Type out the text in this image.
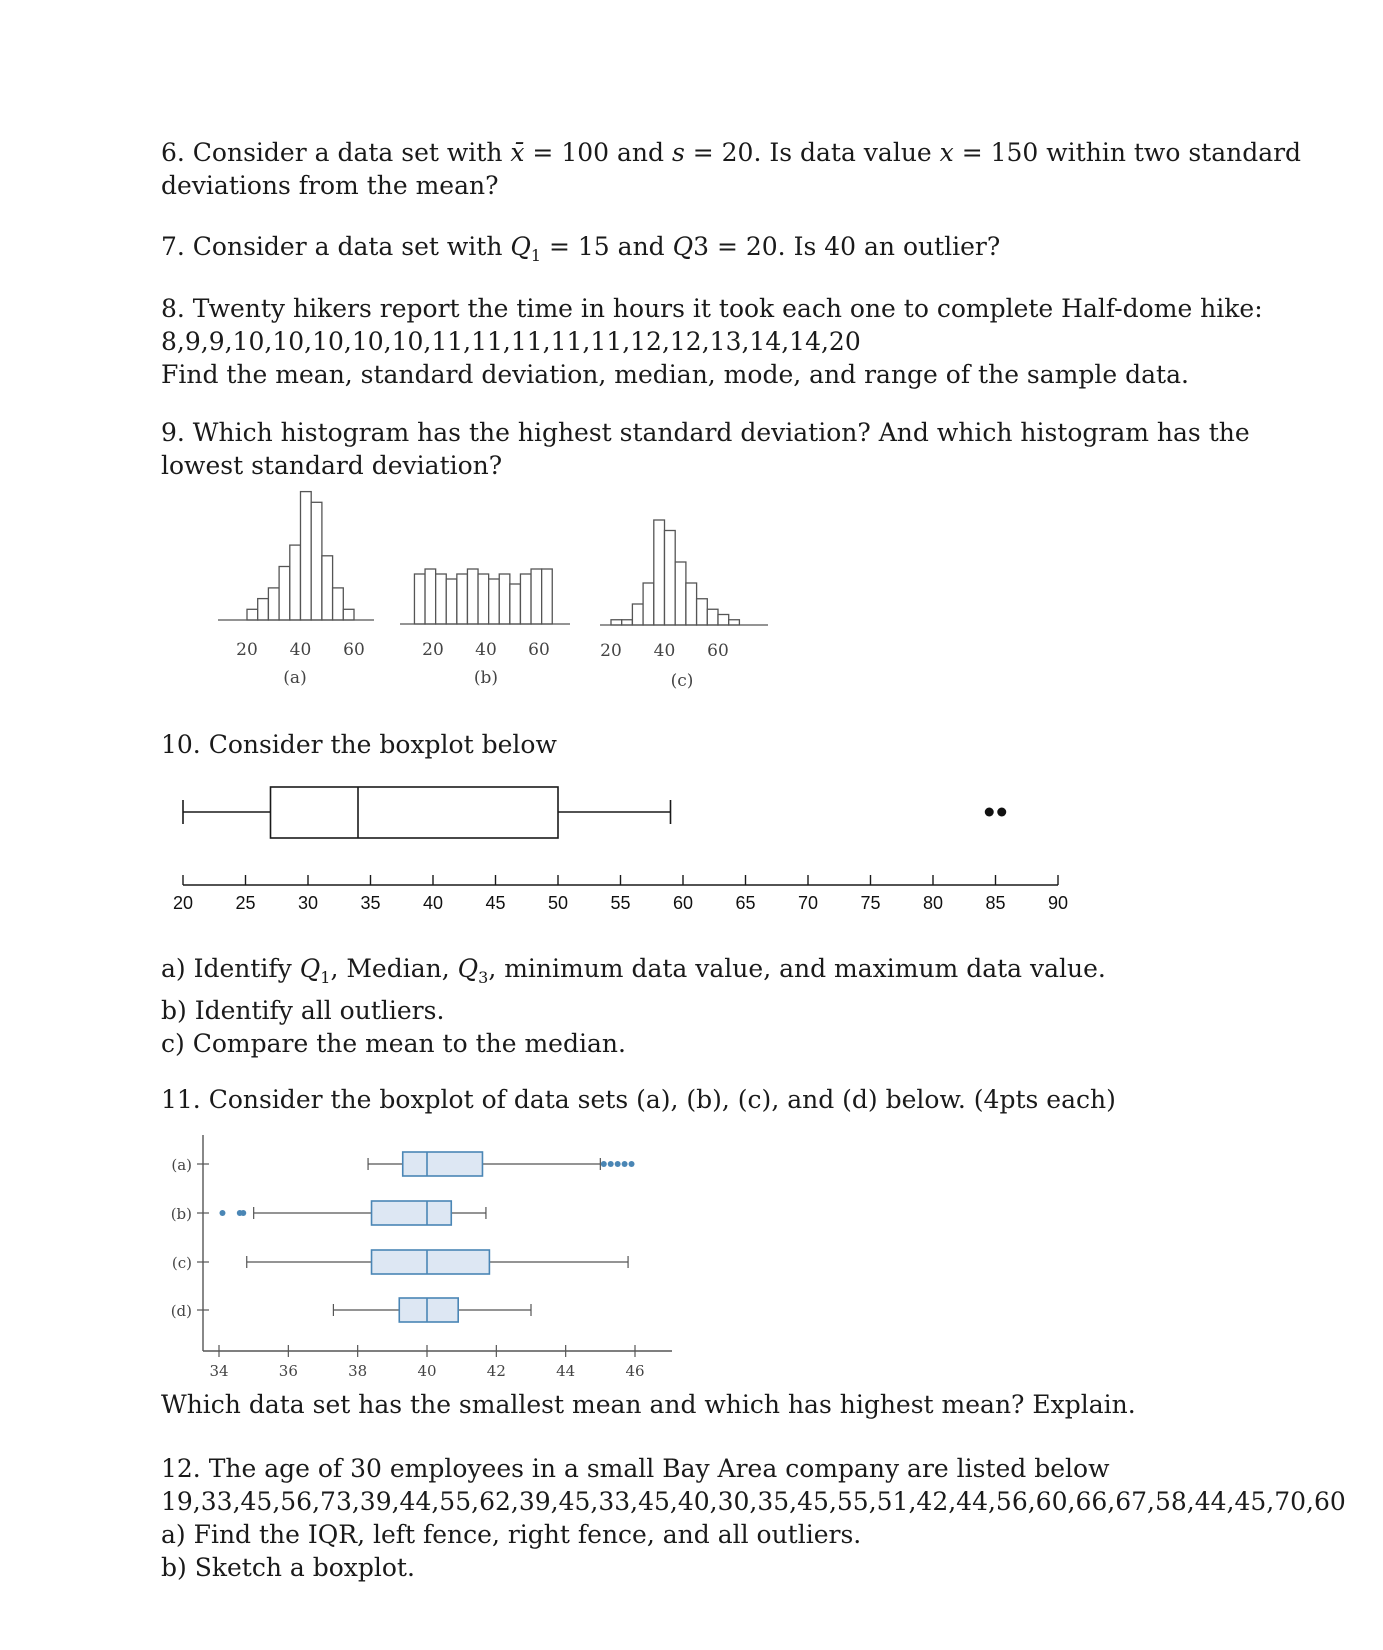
6. Consider a data set with x̄ = 100 and s = 20. Is data value x = 150 within two standard
deviations from the mean?
7. Consider a data set with $Q_1 = 15$ and Q3 = 20. Is 40 an outlier?
8. Twenty hikers report the time in hours it took each one to complete Half-dome hike:
8,9,9,10,10,10,10,10,11,11,11,11,11,12,12,13,14,14,20
Find the mean, standard deviation, median, mode, and range of the sample data.
9. Which histogram has the highest standard deviation? And which histogram has the
lowest standard deviation?
20 40 60
(a)
20 40 60
(b)
20 40 60
(c)
10. Consider the boxplot below
20 25 30 35 40 45 50 55 60 65 70 75 80 85 90
a) Identify $Q_1$, Median, $Q_3$, minimum data value, and maximum data value.
b) Identify all outliers.
c) Compare the mean to the median.
11. Consider the boxplot of data sets (a), (b), (c), and (d) below. (4pts each)
(a)
(b)
(c)
(d)
34	36	38	40	42	44	46
Which data set has the smallest mean and which has highest mean? Explain.
12. The age of 30 employees in a small Bay Area company are listed below
19,33,45,56,73,39,44,55,62,39,45,33,45,40,30,35,45,55,51,42,44,56,60,66,67,58,44,45,70,60
a) Find the IQR, left fence, right fence, and all outliers.
b) Sketch a boxplot.
